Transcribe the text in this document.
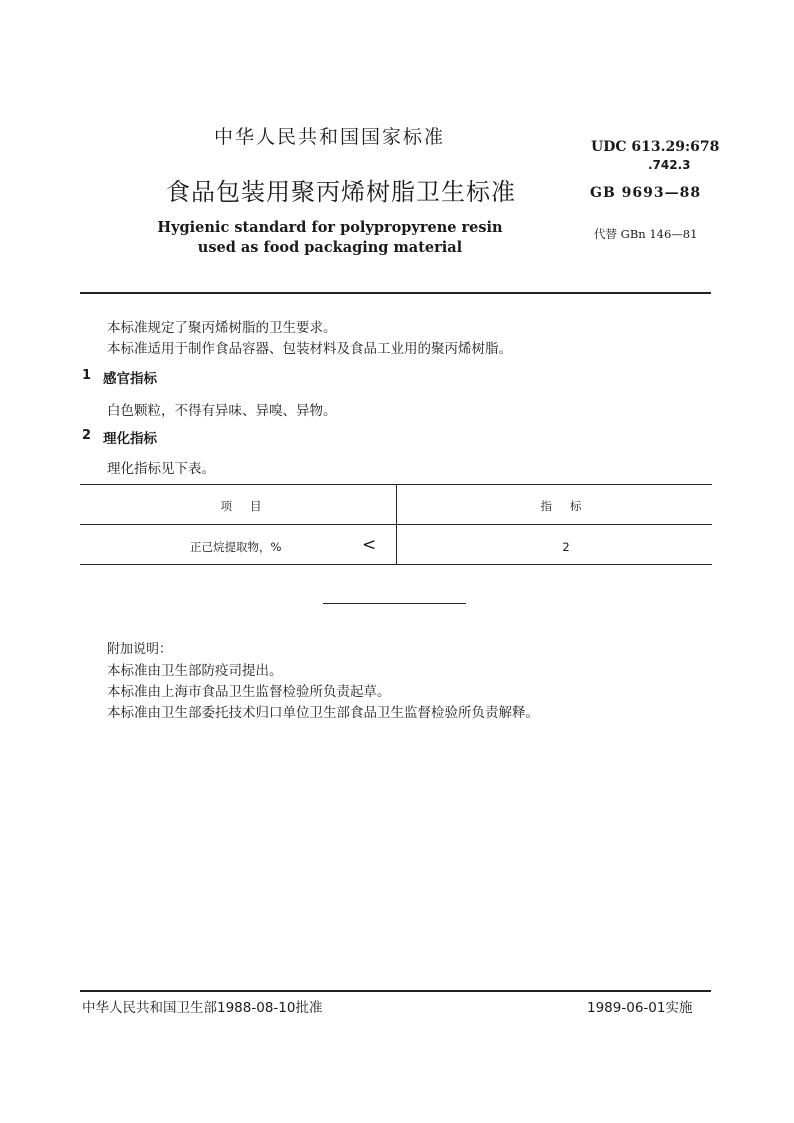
中华人民共和国国家标准
食品包装用聚丙烯树脂卫生标准
Hygienic standard for polypropyrene resin
used as food packaging material
UDC 613.29:678
.742.3
GB 9693—88
代替 GBn 146—81
本标准规定了聚丙烯树脂的卫生要求。
本标准适用于制作食品容器、包装材料及食品工业用的聚丙烯树脂。
1 感官指标
白色颗粒，不得有异味、异嗅、异物。
2 理化指标
理化指标见下表。
项目	指标
正己烷提取物，%	<	2
附加说明：
本标准由卫生部防疫司提出。
本标准由上海市食品卫生监督检验所负责起草。
本标准由卫生部委托技术归口单位卫生部食品卫生监督检验所负责解释。
中华人民共和国卫生部1988-08-10批准	1989-06-01实施
